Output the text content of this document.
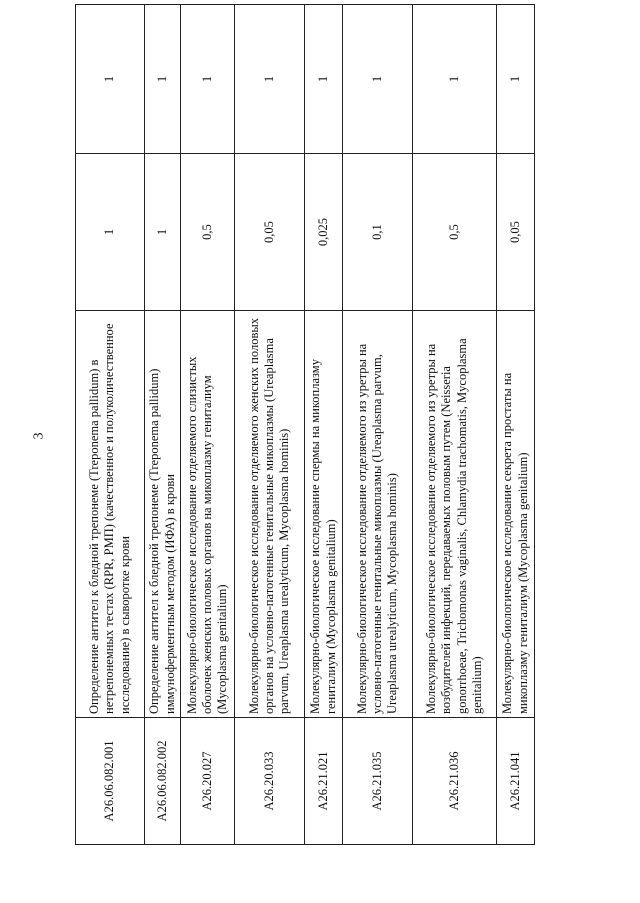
3
A26.06.082.001	Определение антител к бледной трепонеме (Treponema pallidum) в нетрепонемных тестах (RPR, РМП) (качественное и полуколичественное исследование) в сыворотке крови	1	1
A26.06.082.002	Определение антител к бледной трепонеме (Treponema pallidum) иммуноферментным методом (ИФА) в крови	1	1
A26.20.027	Молекулярно-биологическое исследование отделяемого слизистых оболочек женских половых органов на микоплазму гениталиум (Mycoplasma genitalium)	0,5	1
A26.20.033	Молекулярно-биологическое исследование отделяемого женских половых органов на условно-патогенные генитальные микоплазмы (Ureaplasma parvum, Ureaplasma urealyticum, Mycoplasma hominis)	0,05	1
A26.21.021	Молекулярно-биологическое исследование спермы на микоплазму гениталиум (Mycoplasma genitalium)	0,025	1
A26.21.035	Молекулярно-биологическое исследование отделяемого из уретры на условно-патогенные генитальные микоплазмы (Ureaplasma parvum, Ureaplasma urealyticum, Mycoplasma hominis)	0,1	1
A26.21.036	Молекулярно-биологическое исследование отделяемого из уретры на возбудителей инфекций, передаваемых половым путем (Neisseria gonorrhoeae, Trichomonas vaginalis, Chlamydia trachomatis, Mycoplasma genitalium)	0,5	1
A26.21.041	Молекулярно-биологическое исследование секрета простаты на микоплазму гениталиум (Mycoplasma genitalium)	0,05	1
